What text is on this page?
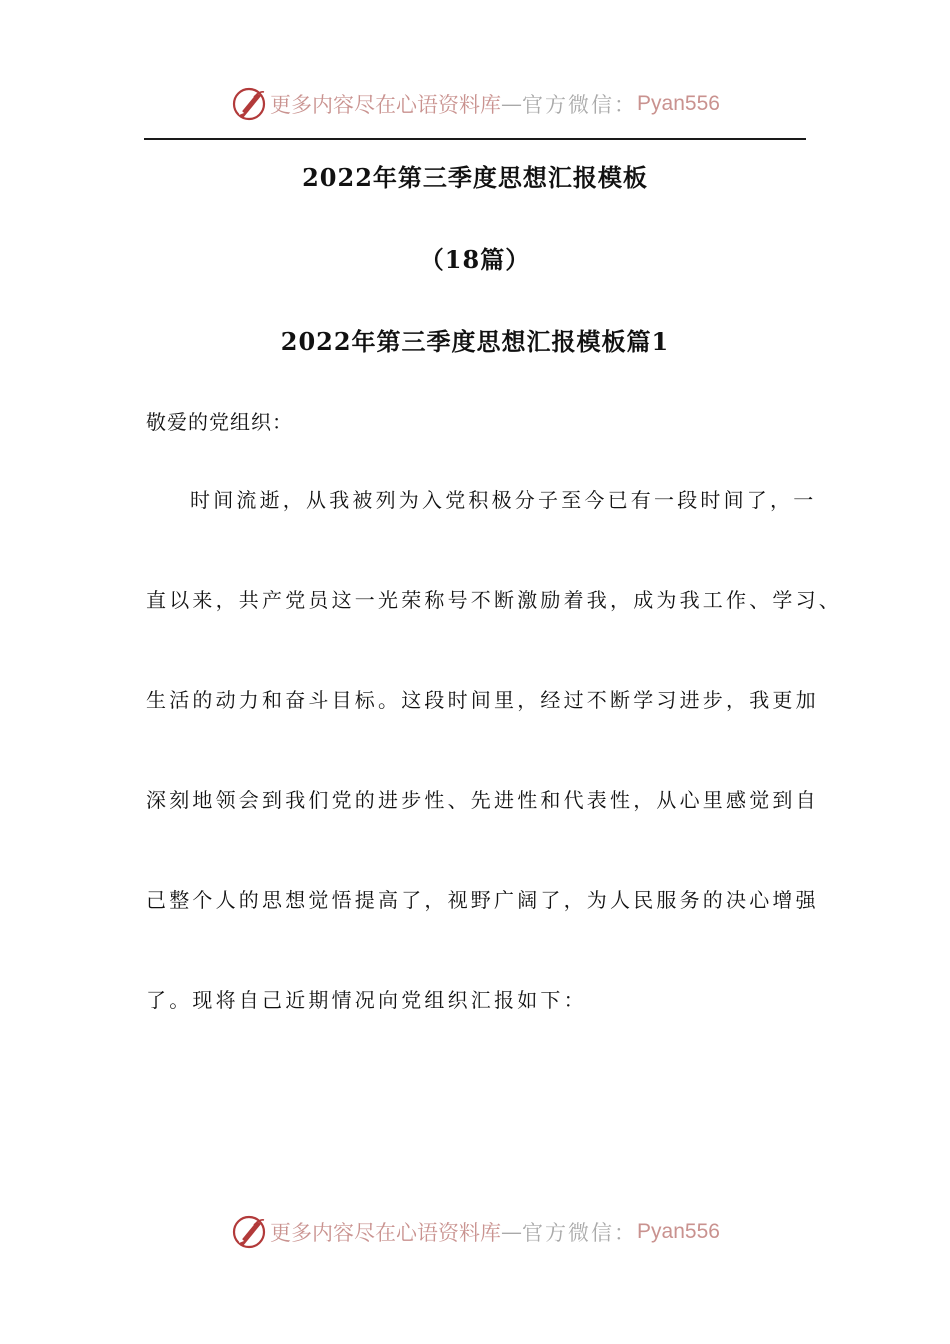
更多内容尽在心语资料库 — 官方微信： Pyan556
2022年第三季度思想汇报模板
（18篇）
2022年第三季度思想汇报模板篇1
敬爱的党组织：
时间流逝，从我被列为入党积极分子至今已有一段时间了，一
直以来，共产党员这一光荣称号不断激励着我，成为我工作、学习、
生活的动力和奋斗目标。这段时间里，经过不断学习进步，我更加
深刻地领会到我们党的进步性、先进性和代表性，从心里感觉到自
己整个人的思想觉悟提高了，视野广阔了，为人民服务的决心增强
了。现将自己近期情况向党组织汇报如下：
更多内容尽在心语资料库 — 官方微信： Pyan556
